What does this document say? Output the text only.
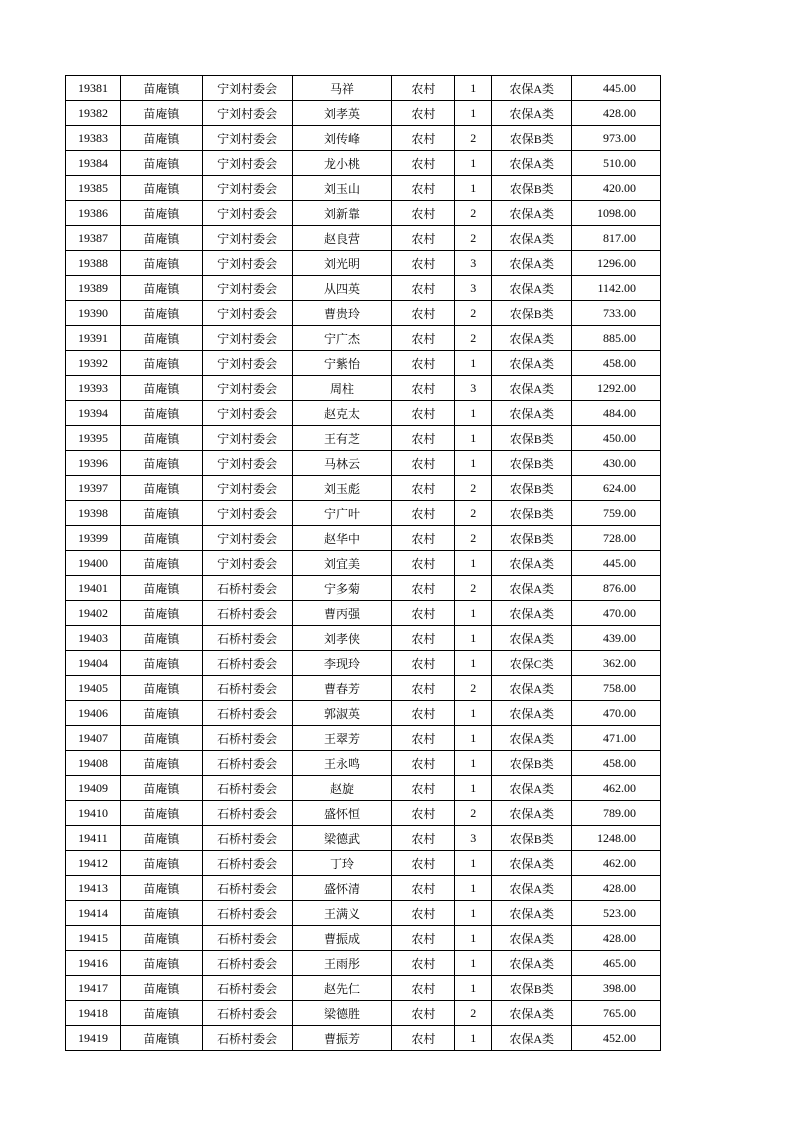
19381	苗庵镇	宁刘村委会	马祥	农村	1	农保A类	445.00
19382	苗庵镇	宁刘村委会	刘孝英	农村	1	农保A类	428.00
19383	苗庵镇	宁刘村委会	刘传峰	农村	2	农保B类	973.00
19384	苗庵镇	宁刘村委会	龙小桃	农村	1	农保A类	510.00
19385	苗庵镇	宁刘村委会	刘玉山	农村	1	农保B类	420.00
19386	苗庵镇	宁刘村委会	刘新靠	农村	2	农保A类	1098.00
19387	苗庵镇	宁刘村委会	赵良营	农村	2	农保A类	817.00
19388	苗庵镇	宁刘村委会	刘光明	农村	3	农保A类	1296.00
19389	苗庵镇	宁刘村委会	从四英	农村	3	农保A类	1142.00
19390	苗庵镇	宁刘村委会	曹贵玲	农村	2	农保B类	733.00
19391	苗庵镇	宁刘村委会	宁广杰	农村	2	农保A类	885.00
19392	苗庵镇	宁刘村委会	宁紫怡	农村	1	农保A类	458.00
19393	苗庵镇	宁刘村委会	周柱	农村	3	农保A类	1292.00
19394	苗庵镇	宁刘村委会	赵克太	农村	1	农保A类	484.00
19395	苗庵镇	宁刘村委会	王有芝	农村	1	农保B类	450.00
19396	苗庵镇	宁刘村委会	马林云	农村	1	农保B类	430.00
19397	苗庵镇	宁刘村委会	刘玉彪	农村	2	农保B类	624.00
19398	苗庵镇	宁刘村委会	宁广叶	农村	2	农保B类	759.00
19399	苗庵镇	宁刘村委会	赵华中	农村	2	农保B类	728.00
19400	苗庵镇	宁刘村委会	刘宜美	农村	1	农保A类	445.00
19401	苗庵镇	石桥村委会	宁多菊	农村	2	农保A类	876.00
19402	苗庵镇	石桥村委会	曹丙强	农村	1	农保A类	470.00
19403	苗庵镇	石桥村委会	刘孝侠	农村	1	农保A类	439.00
19404	苗庵镇	石桥村委会	李现玲	农村	1	农保C类	362.00
19405	苗庵镇	石桥村委会	曹春芳	农村	2	农保A类	758.00
19406	苗庵镇	石桥村委会	郭淑英	农村	1	农保A类	470.00
19407	苗庵镇	石桥村委会	王翠芳	农村	1	农保A类	471.00
19408	苗庵镇	石桥村委会	王永鸣	农村	1	农保B类	458.00
19409	苗庵镇	石桥村委会	赵旋	农村	1	农保A类	462.00
19410	苗庵镇	石桥村委会	盛怀恒	农村	2	农保A类	789.00
19411	苗庵镇	石桥村委会	梁德武	农村	3	农保B类	1248.00
19412	苗庵镇	石桥村委会	丁玲	农村	1	农保A类	462.00
19413	苗庵镇	石桥村委会	盛怀清	农村	1	农保A类	428.00
19414	苗庵镇	石桥村委会	王满义	农村	1	农保A类	523.00
19415	苗庵镇	石桥村委会	曹振成	农村	1	农保A类	428.00
19416	苗庵镇	石桥村委会	王雨彤	农村	1	农保A类	465.00
19417	苗庵镇	石桥村委会	赵先仁	农村	1	农保B类	398.00
19418	苗庵镇	石桥村委会	梁德胜	农村	2	农保A类	765.00
19419	苗庵镇	石桥村委会	曹振芳	农村	1	农保A类	452.00
